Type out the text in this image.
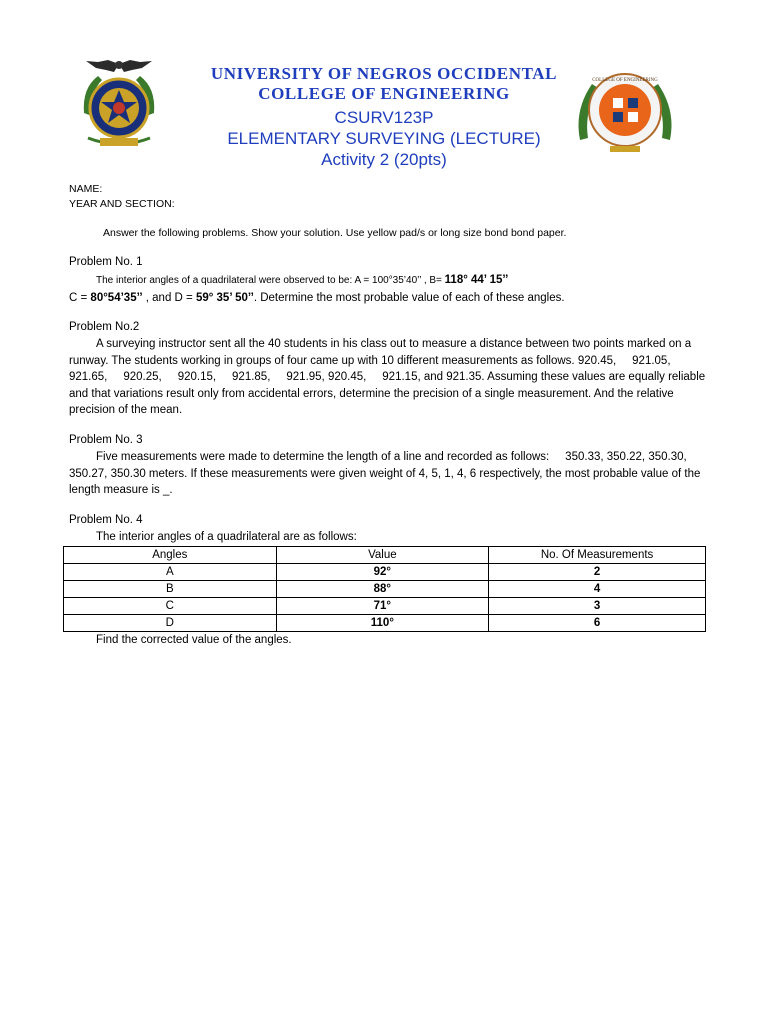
UNIVERSITY OF NEGROS OCCIDENTAL

COLLEGE OF ENGINEERING

CSURV123P

ELEMENTARY SURVEYING (LECTURE)

Activity 2 (20pts)

COLLEGE OF ENGINEERING
NAME:
YEAR AND SECTION:
Answer the following problems. Show your solution. Use yellow pad/s or long size bond bond paper.
Problem No. 1

The interior angles of a quadrilateral were observed to be: A = 100°35’40’’ , B= 118° 44’ 15’’

C = 80°54’35’’ , and D = 59° 35’ 50’’. Determine the most probable value of each of these angles.

Problem No.2

A surveying instructor sent all the 40 students in his class out to measure a distance between two points marked on a runway. The students working in groups of four came up with 10 different measurements as follows. 920.45,     921.05,     921.65,     920.25,     920.15,     921.85,     921.95, 920.45,     921.15, and 921.35. Assuming these values are equally reliable and that variations result only from accidental errors, determine the precision of a single measurement. And the relative precision of the mean.

Problem No. 3

Five measurements were made to determine the length of a line and recorded as follows:     350.33, 350.22, 350.30, 350.27, 350.30 meters. If these measurements were given weight of 4, 5, 1, 4, 6 respectively, the most probable value of the length measure is _.

Problem No. 4
The interior angles of a quadrilateral are as follows:
Angles	Value	No. Of Measurements
A	92°	2
B	88°	4
C	71°	3
D	110°	6
Find the corrected value of the angles.
